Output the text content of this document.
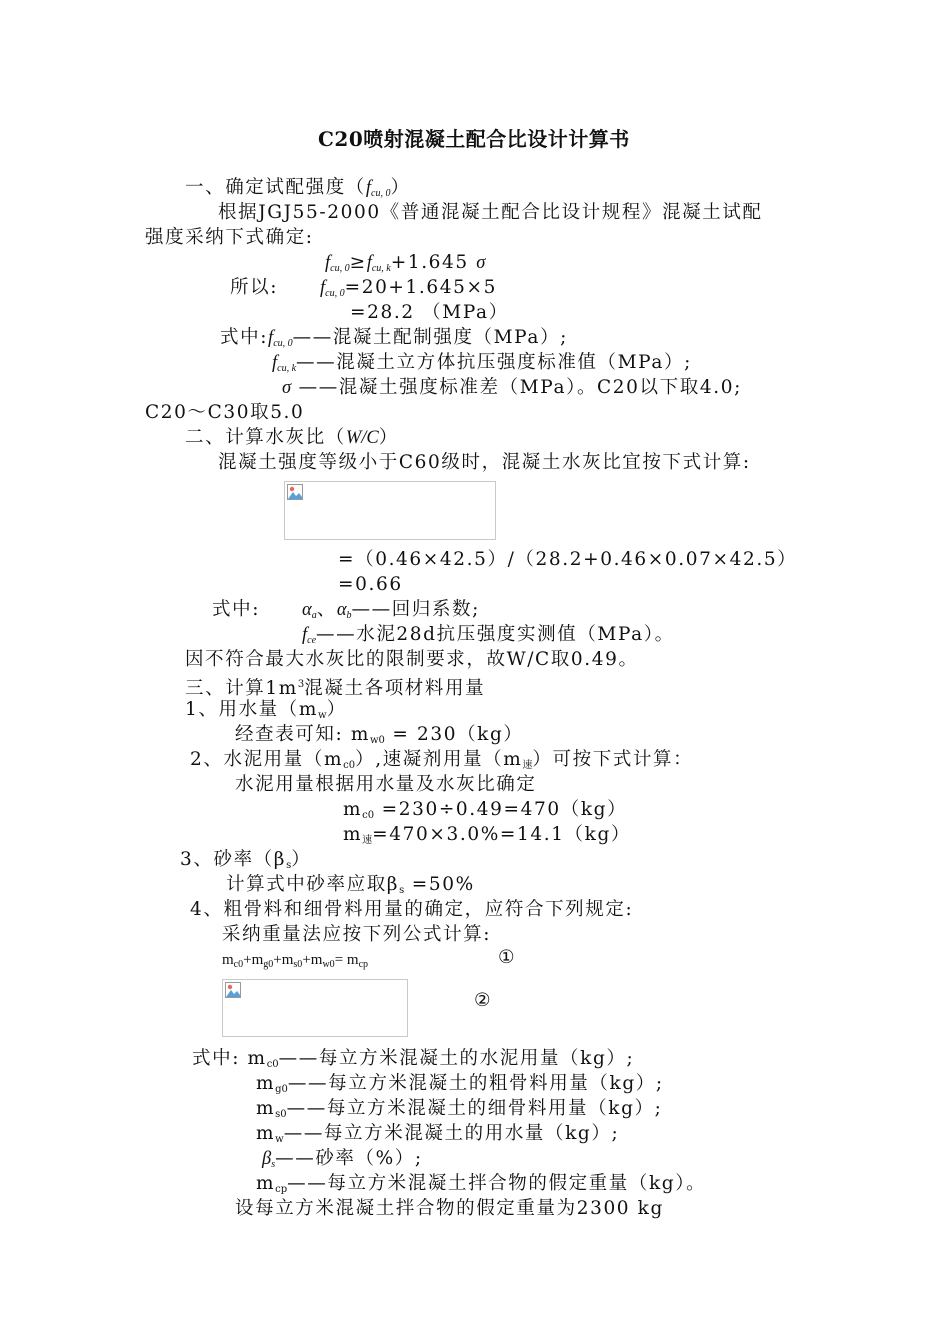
C20喷射混凝土配合比设计计算书
一、确定试配强度$(f_{cu, 0})$
根据JGJ55-2000《普通混凝土配合比设计规程》混凝土试配
强度采纳下式确定:
$f_{cu, 0}\ge f_{cu, k}+1.645$ σ
所以: $f_{cu, 0}=20+1.645\times 5$
=28.2 （MPa）
式中$:f_{cu, 0}——$混凝土配制强度（MPa）;
$f_{cu, k}——$混凝土立方体抗压强度标准值（MPa）;
σ ——混凝土强度标准差（MPa）。C20以下取4.0;
C20～C30取5.0
二、计算水灰比（W/C）
混凝土强度等级小于C60级时，混凝土水灰比宜按下式计算:
=（0.46×42.5）/（28.2+0.46×0.07×42.5）
=0.66
式中: $\alpha_a$、$\alpha_b——$回归系数;
$f_{ce}——$水泥28d抗压强度实测值（MPa）。
因不符合最大水灰比的限制要求，故W/C取0.49。
三、计算$1m^3$混凝土各项材料用量
1、用水量$(m_w)$
经查表可知: $m_{w0} = 230(kg)$
2、水泥用量$(m_{c0})$,速凝剂用量$(m_速)$可按下式计算：
水泥用量根据用水量及水灰比确定
$m_{c0} =230\div 0.49=470(kg)$
$m_速=470\times 3.0\%=14.1(kg)$
3、砂率$(\beta_s)$
计算式中砂率应取$\beta_s =50\%$
4、粗骨料和细骨料用量的确定，应符合下列规定:
采纳重量法应按下列公式计算:
$m_{c0}+m_{g0}+m_{s0}+m_{w0}= m_{cp}$	①
②
式中: $m_{c0}——$每立方米混凝土的水泥用量（kg）;
$m_{g0}——$每立方米混凝土的粗骨料用量（kg）;
$m_{s0}——$每立方米混凝土的细骨料用量（kg）;
$m_w——$每立方米混凝土的用水量（kg）;
$\beta_s——$砂率（%）;
$m_{cp}——$每立方米混凝土拌合物的假定重量（kg）。
设每立方米混凝土拌合物的假定重量为2300 kg
